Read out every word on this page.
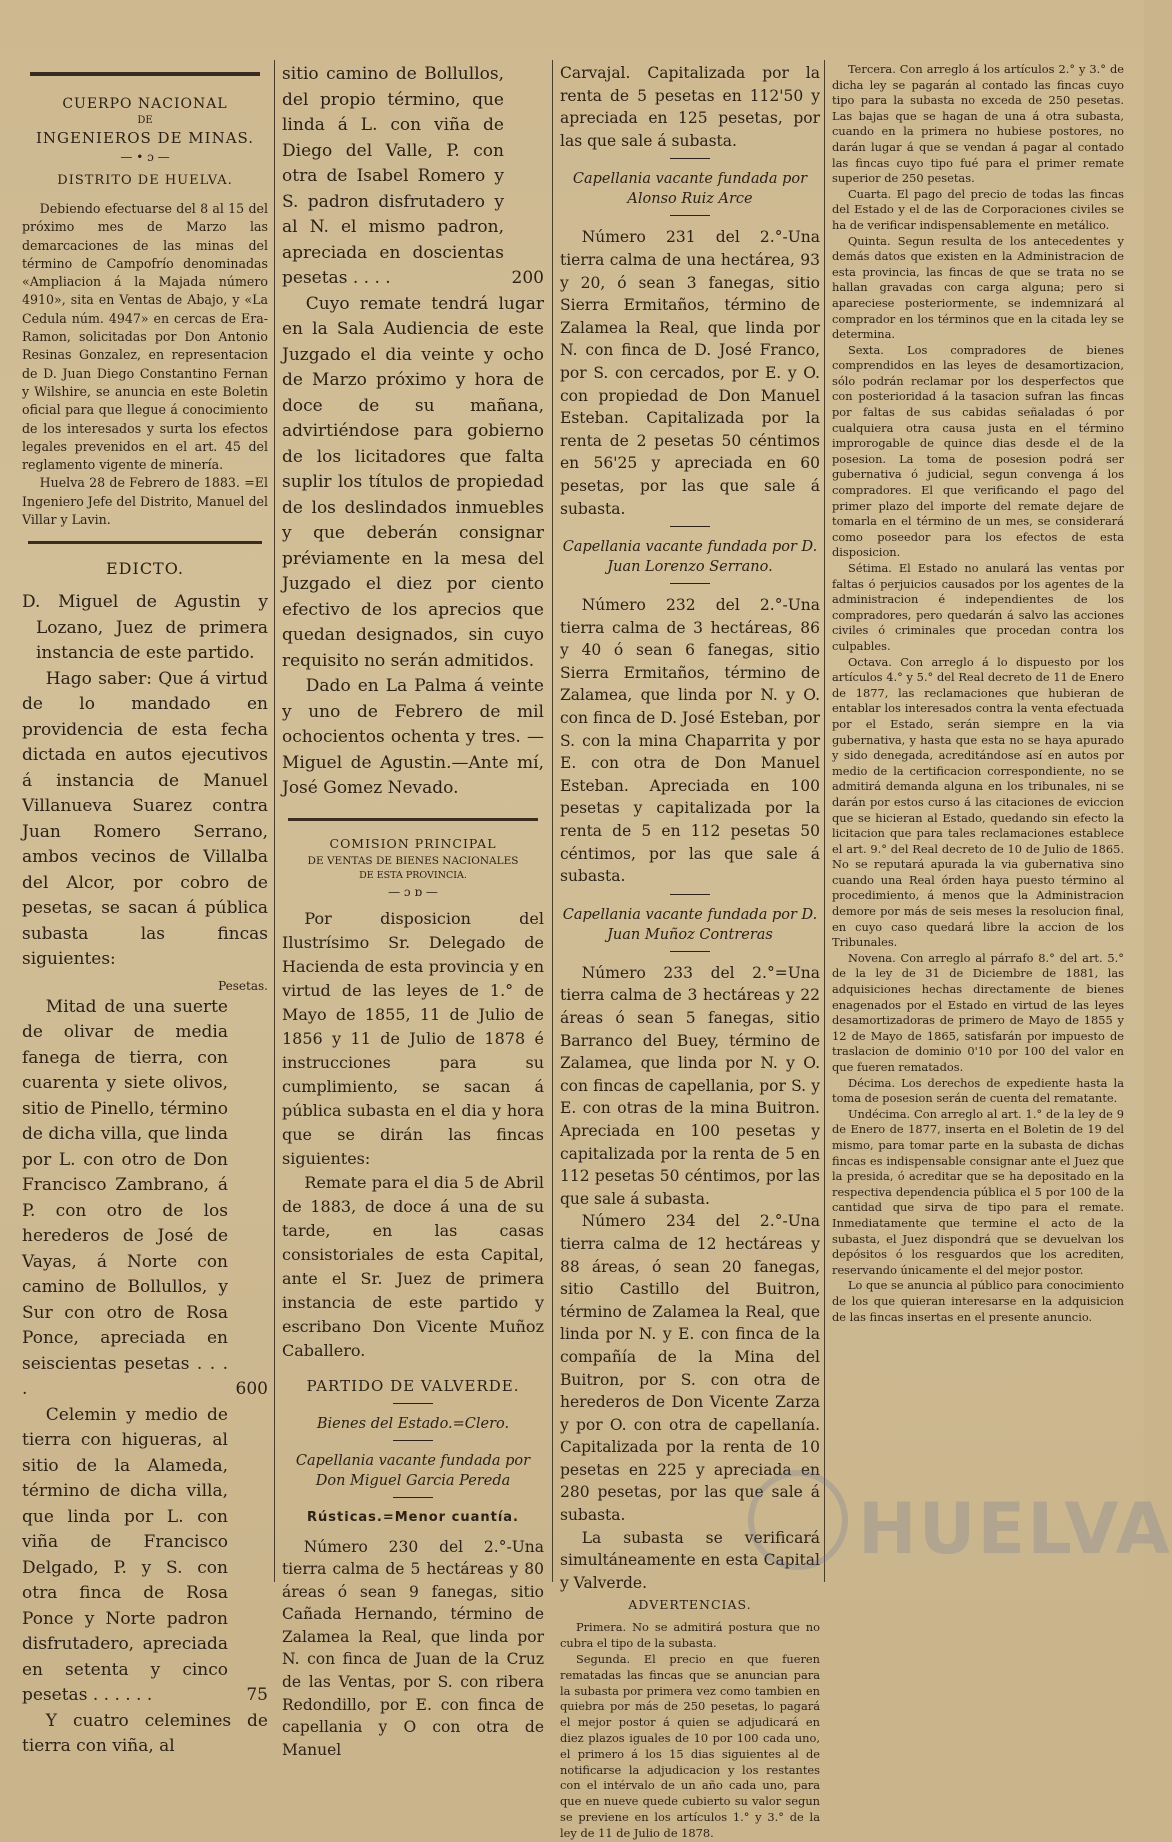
CUERPO NACIONAL

DE

INGENIEROS DE MINAS.

— • ɔ —

DISTRITO DE HUELVA.

Debiendo efectuarse del 8 al 15 del próximo mes de Marzo las demarcaciones de las minas del término de Campofrío denominadas «Ampliacion á la Majada número 4910», sita en Ventas de Abajo, y «La Cedula núm. 4947» en cercas de Era-Ramon, solicitadas por Don Antonio Resinas Gonzalez, en representacion de D. Juan Diego Constantino Fernan y Wilshire, se anuncia en este Boletin oficial para que llegue á conocimiento de los interesados y surta los efectos legales prevenidos en el art. 45 del reglamento vigente de minería.

Huelva 28 de Febrero de 1883. =El Ingeniero Jefe del Distrito, Manuel del Villar y Lavin.

EDICTO.

D. Miguel de Agustin y Lozano, Juez de primera instancia de este partido.

Hago saber: Que á virtud de lo mandado en providencia de esta fecha dictada en autos ejecutivos á instancia de Manuel Villanueva Suarez contra Juan Romero Serrano, ambos vecinos de Villalba del Alcor, por cobro de pesetas, se sacan á pública subasta las fincas siguientes:

Pesetas.

Mitad de una suerte de olivar de media fanega de tierra, con cuarenta y siete olivos, sitio de Pinello, término de dicha villa, que linda por L. con otro de Don Francisco Zambrano, á P. con otro de los herederos de José de Vayas, á Norte con camino de Bollullos, y Sur con otro de Rosa Ponce, apreciada en seiscientas pesetas . . . .	600

Celemin y medio de tierra con higueras, al sitio de la Alameda, término de dicha villa, que linda por L. con viña de Francisco Delgado, P. y S. con otra finca de Rosa Ponce y Norte padron disfrutadero, apreciada en setenta y cinco pesetas . . . . . .	75

Y cuatro celemines de tierra con viña, al

sitio camino de Bollullos, del propio término, que linda á L. con viña de Diego del Valle, P. con otra de Isabel Romero y S. padron disfrutadero y al N. el mismo padron, apreciada en doscientas pesetas . . . .	200

Cuyo remate tendrá lugar en la Sala Audiencia de este Juzgado el dia veinte y ocho de Marzo próximo y hora de doce de su mañana, advirtiéndose para gobierno de los licitadores que falta suplir los títulos de propiedad de los deslindados inmuebles y que deberán consignar préviamente en la mesa del Juzgado el diez por ciento efectivo de los aprecios que quedan designados, sin cuyo requisito no serán admitidos.

Dado en La Palma á veinte y uno de Febrero de mil ochocientos ochenta y tres. —Miguel de Agustin.—Ante mí, José Gomez Nevado.

COMISION PRINCIPAL

DE VENTAS DE BIENES NACIONALES

DE ESTA PROVINCIA.

— ɔ ɒ —

Por disposicion del Ilustrísimo Sr. Delegado de Hacienda de esta provincia y en virtud de las leyes de 1.° de Mayo de 1855, 11 de Julio de 1856 y 11 de Julio de 1878 é instrucciones para su cumplimiento, se sacan á pública subasta en el dia y hora que se dirán las fincas siguientes:

Remate para el dia 5 de Abril de 1883, de doce á una de su tarde, en las casas consistoriales de esta Capital, ante el Sr. Juez de primera instancia de este partido y escribano Don Vicente Muñoz Caballero.

PARTIDO DE VALVERDE.

Bienes del Estado.=Clero.

Capellania vacante fundada por Don Miguel Garcia Pereda

Rústicas.=Menor cuantía.

Número 230 del 2.°-Una tierra calma de 5 hectáreas y 80 áreas ó sean 9 fanegas, sitio Cañada Hernando, término de Zalamea la Real, que linda por N. con finca de Juan de la Cruz de las Ventas, por S. con ribera Redondillo, por E. con finca de capellania y O con otra de Manuel

Carvajal. Capitalizada por la renta de 5 pesetas en 112'50 y apreciada en 125 pesetas, por las que sale á subasta.

Capellania vacante fundada por Alonso Ruiz Arce

Número 231 del 2.°-Una tierra calma de una hectárea, 93 y 20, ó sean 3 fanegas, sitio Sierra Ermitaños, término de Zalamea la Real, que linda por N. con finca de D. José Franco, por S. con cercados, por E. y O. con propiedad de Don Manuel Esteban. Capitalizada por la renta de 2 pesetas 50 céntimos en 56'25 y apreciada en 60 pesetas, por las que sale á subasta.

Capellania vacante fundada por D. Juan Lorenzo Serrano.

Número 232 del 2.°-Una tierra calma de 3 hectáreas, 86 y 40 ó sean 6 fanegas, sitio Sierra Ermitaños, término de Zalamea, que linda por N. y O. con finca de D. José Esteban, por S. con la mina Chaparrita y por E. con otra de Don Manuel Esteban. Apreciada en 100 pesetas y capitalizada por la renta de 5 en 112 pesetas 50 céntimos, por las que sale á subasta.

Capellania vacante fundada por D. Juan Muñoz Contreras

Número 233 del 2.°=Una tierra calma de 3 hectáreas y 22 áreas ó sean 5 fanegas, sitio Barranco del Buey, término de Zalamea, que linda por N. y O. con fincas de capellania, por S. y E. con otras de la mina Buitron. Apreciada en 100 pesetas y capitalizada por la renta de 5 en 112 pesetas 50 céntimos, por las que sale á subasta.

Número 234 del 2.°-Una tierra calma de 12 hectáreas y 88 áreas, ó sean 20 fanegas, sitio Castillo del Buitron, término de Zalamea la Real, que linda por N. y E. con finca de la compañía de la Mina del Buitron, por S. con otra de herederos de Don Vicente Zarza y por O. con otra de capellanía. Capitalizada por la renta de 10 pesetas en 225 y apreciada en 280 pesetas, por las que sale á subasta.

La subasta se verificará simultáneamente en esta Capital y Valverde.

ADVERTENCIAS.

Primera. No se admitirá postura que no cubra el tipo de la subasta.

Segunda. El precio en que fueren rematadas las fincas que se anuncian para la subasta por primera vez como tambien en quiebra por más de 250 pesetas, lo pagará el mejor postor á quien se adjudicará en diez plazos iguales de 10 por 100 cada uno, el primero á los 15 dias siguientes al de notificarse la adjudicacion y los restantes con el intérvalo de un año cada uno, para que en nueve quede cubierto su valor segun se previene en los artículos 1.° y 3.° de la ley de 11 de Julio de 1878.

Tercera. Con arreglo á los artículos 2.° y 3.° de dicha ley se pagarán al contado las fincas cuyo tipo para la subasta no exceda de 250 pesetas. Las bajas que se hagan de una á otra subasta, cuando en la primera no hubiese postores, no darán lugar á que se vendan á pagar al contado las fincas cuyo tipo fué para el primer remate superior de 250 pesetas.

Cuarta. El pago del precio de todas las fincas del Estado y el de las de Corporaciones civiles se ha de verificar indispensablemente en metálico.

Quinta. Segun resulta de los antecedentes y demás datos que existen en la Administracion de esta provincia, las fincas de que se trata no se hallan gravadas con carga alguna; pero si apareciese posteriormente, se indemnizará al comprador en los términos que en la citada ley se determina.

Sexta. Los compradores de bienes comprendidos en las leyes de desamortizacion, sólo podrán reclamar por los desperfectos que con posterioridad á la tasacion sufran las fincas por faltas de sus cabidas señaladas ó por cualquiera otra causa justa en el término improrogable de quince dias desde el de la posesion. La toma de posesion podrá ser gubernativa ó judicial, segun convenga á los compradores. El que verificando el pago del primer plazo del importe del remate dejare de tomarla en el término de un mes, se considerará como poseedor para los efectos de esta disposicion.

Sétima. El Estado no anulará las ventas por faltas ó perjuicios causados por los agentes de la administracion é independientes de los compradores, pero quedarán á salvo las acciones civiles ó criminales que procedan contra los culpables.

Octava. Con arreglo á lo dispuesto por los artículos 4.° y 5.° del Real decreto de 11 de Enero de 1877, las reclamaciones que hubieran de entablar los interesados contra la venta efectuada por el Estado, serán siempre en la via gubernativa, y hasta que esta no se haya apurado y sido denegada, acreditándose así en autos por medio de la certificacion correspondiente, no se admitirá demanda alguna en los tribunales, ni se darán por estos curso á las citaciones de eviccion que se hicieran al Estado, quedando sin efecto la licitacion que para tales reclamaciones establece el art. 9.° del Real decreto de 10 de Julio de 1865. No se reputará apurada la via gubernativa sino cuando una Real órden haya puesto término al procedimiento, á menos que la Administracion demore por más de seis meses la resolucion final, en cuyo caso quedará libre la accion de los Tribunales.

Novena. Con arreglo al párrafo 8.° del art. 5.° de la ley de 31 de Diciembre de 1881, las adquisiciones hechas directamente de bienes enagenados por el Estado en virtud de las leyes desamortizadoras de primero de Mayo de 1855 y 12 de Mayo de 1865, satisfarán por impuesto de traslacion de dominio 0'10 por 100 del valor en que fueren rematados.

Décima. Los derechos de expediente hasta la toma de posesion serán de cuenta del rematante.

Undécima. Con arreglo al art. 1.° de la ley de 9 de Enero de 1877, inserta en el Boletin de 19 del mismo, para tomar parte en la subasta de dichas fincas es indispensable consignar ante el Juez que la presida, ó acreditar que se ha depositado en la respectiva dependencia pública el 5 por 100 de la cantidad que sirva de tipo para el remate. Inmediatamente que termine el acto de la subasta, el Juez dispondrá que se devuelvan los depósitos ó los resguardos que los acrediten, reservando únicamente el del mejor postor.

Lo que se anuncia al público para conocimiento de los que quieran interesarse en la adquisicion de las fincas insertas en el presente anuncio.

HUELVA
